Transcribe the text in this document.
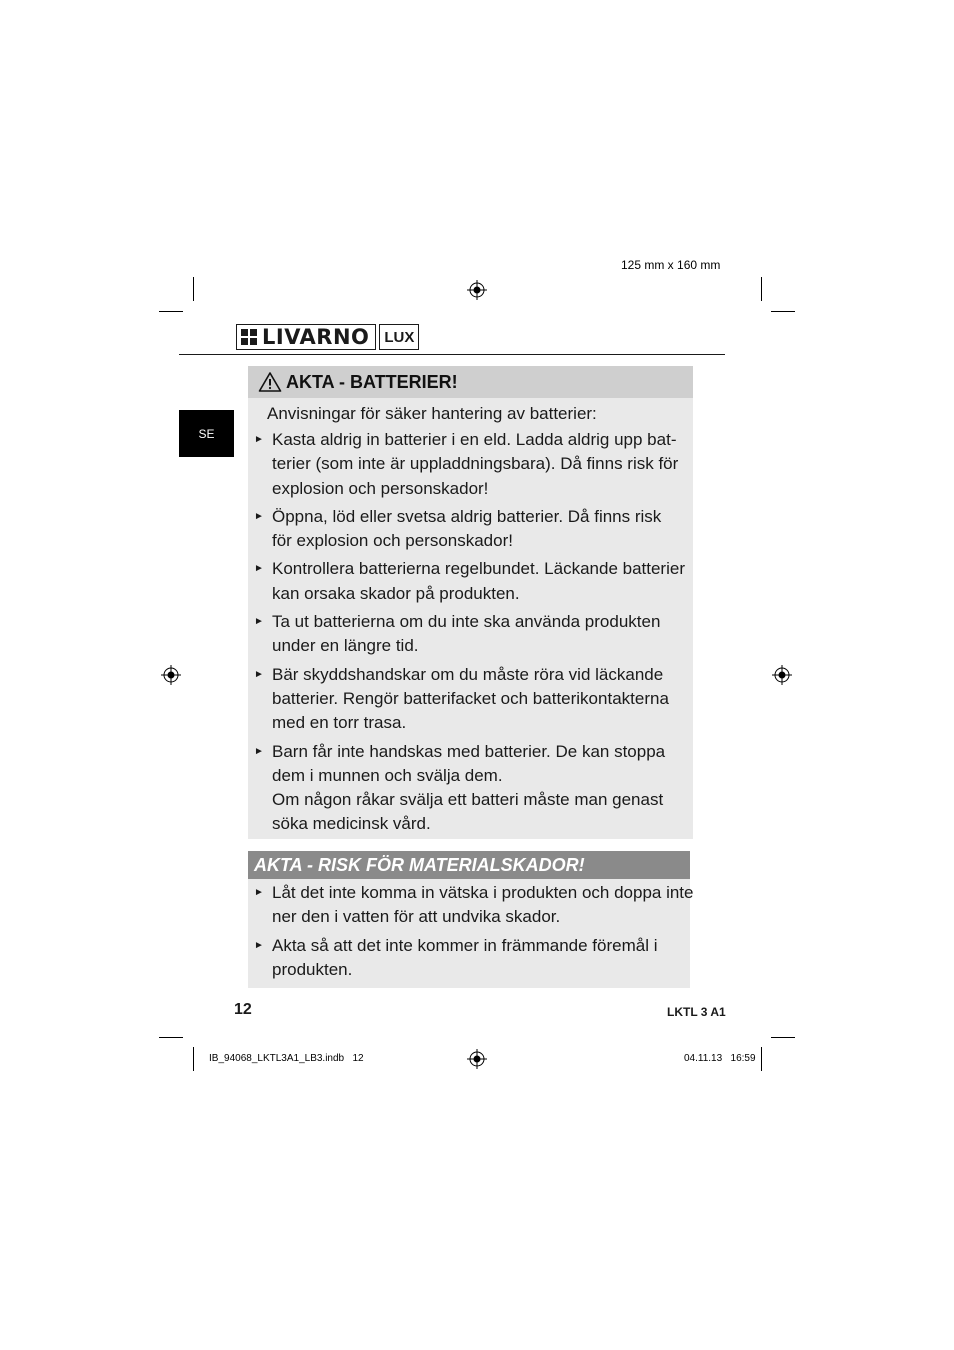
125 mm x 160 mm
LIVARNO	LUX
SE
AKTA - BATTERIER!
Anvisningar för säker hantering av batterier:
► Kasta aldrig in batterier i en eld. Ladda aldrig upp bat-
terier (som inte är uppladdningsbara). Då finns risk för
explosion och personskador!
► Öppna, löd eller svetsa aldrig batterier. Då finns risk
för explosion och personskador!
► Kontrollera batterierna regelbundet. Läckande batterier
kan orsaka skador på produkten.
► Ta ut batterierna om du inte ska använda produkten
under en längre tid.
► Bär skyddshandskar om du måste röra vid läckande
batterier. Rengör batterifacket och batterikontakterna
med en torr trasa.
► Barn får inte handskas med batterier. De kan stoppa
dem i munnen och svälja dem.
Om någon råkar svälja ett batteri måste man genast
söka medicinsk vård.
AKTA - RISK FÖR MATERIALSKADOR!
► Låt det inte komma in vätska i produkten och doppa inte
ner den i vatten för att undvika skador.
► Akta så att det inte kommer in främmande föremål i
produkten.
12	LKTL 3 A1
IB_94068_LKTL3A1_LB3.indb   12	04.11.13   16:59
